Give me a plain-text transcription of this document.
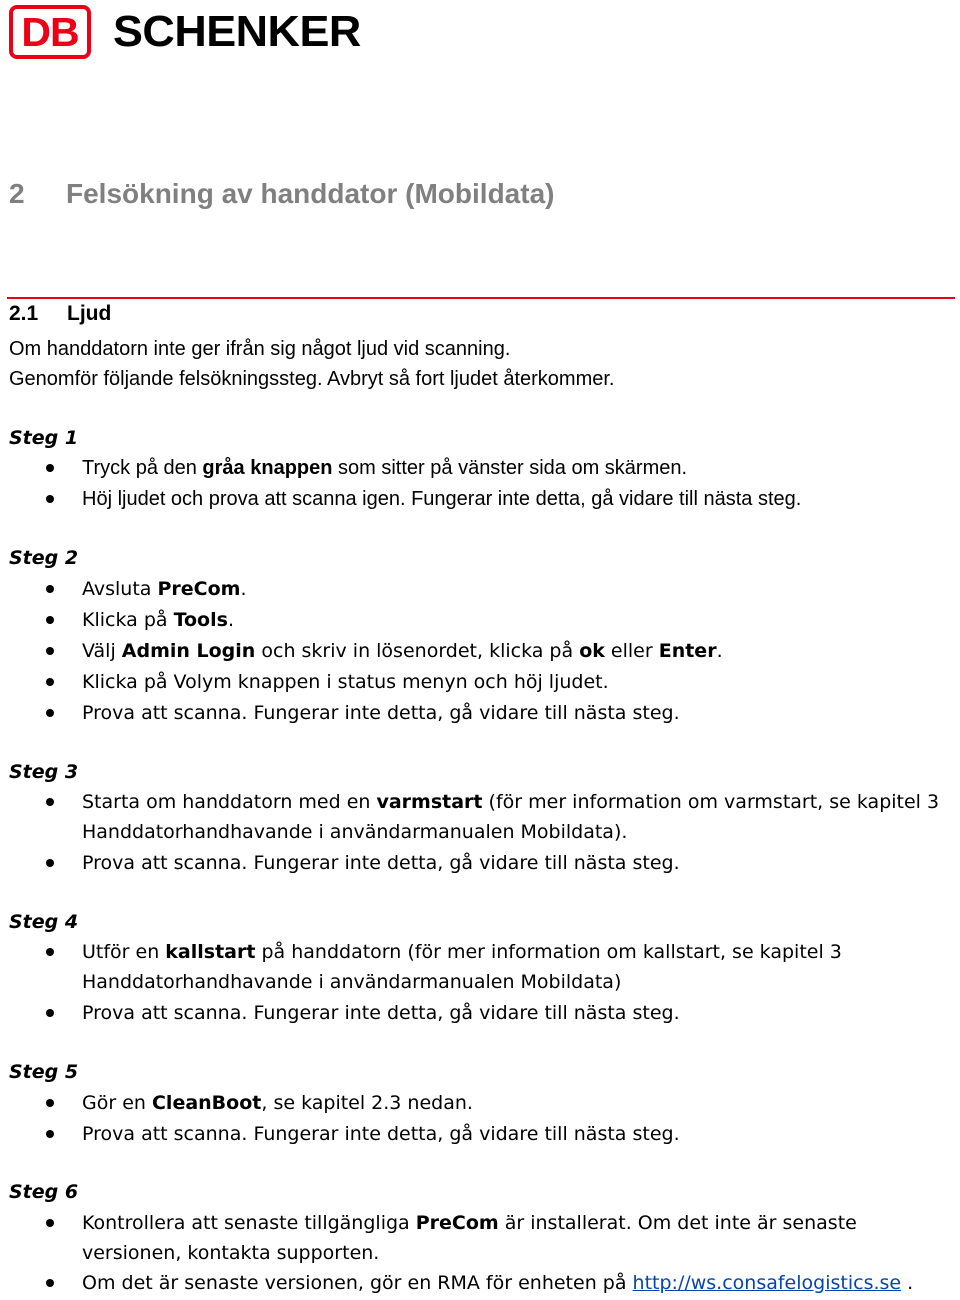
DB SCHENKER
2 Felsökning av handdator (Mobildata)
2.1 Ljud
Om handdatorn inte ger ifrån sig något ljud vid scanning.
Genomför följande felsökningssteg. Avbryt så fort ljudet återkommer.
Steg 1
Tryck på den gråa knappen som sitter på vänster sida om skärmen.
Höj ljudet och prova att scanna igen. Fungerar inte detta, gå vidare till nästa steg.
Steg 2
Avsluta PreCom.
Klicka på Tools.
Välj Admin Login och skriv in lösenordet, klicka på ok eller Enter.
Klicka på Volym knappen i status menyn och höj ljudet.
Prova att scanna. Fungerar inte detta, gå vidare till nästa steg.
Steg 3
Starta om handdatorn med en varmstart (för mer information om varmstart, se kapitel 3 Handdatorhandhavande i användarmanualen Mobildata).
Prova att scanna. Fungerar inte detta, gå vidare till nästa steg.
Steg 4
Utför en kallstart på handdatorn (för mer information om kallstart, se kapitel 3 Handdatorhandhavande i användarmanualen Mobildata)
Prova att scanna. Fungerar inte detta, gå vidare till nästa steg.
Steg 5
Gör en CleanBoot, se kapitel 2.3 nedan.
Prova att scanna. Fungerar inte detta, gå vidare till nästa steg.
Steg 6
Kontrollera att senaste tillgängliga PreCom är installerat. Om det inte är senaste versionen, kontakta supporten.
Om det är senaste versionen, gör en RMA för enheten på http://ws.consafelogistics.se .
